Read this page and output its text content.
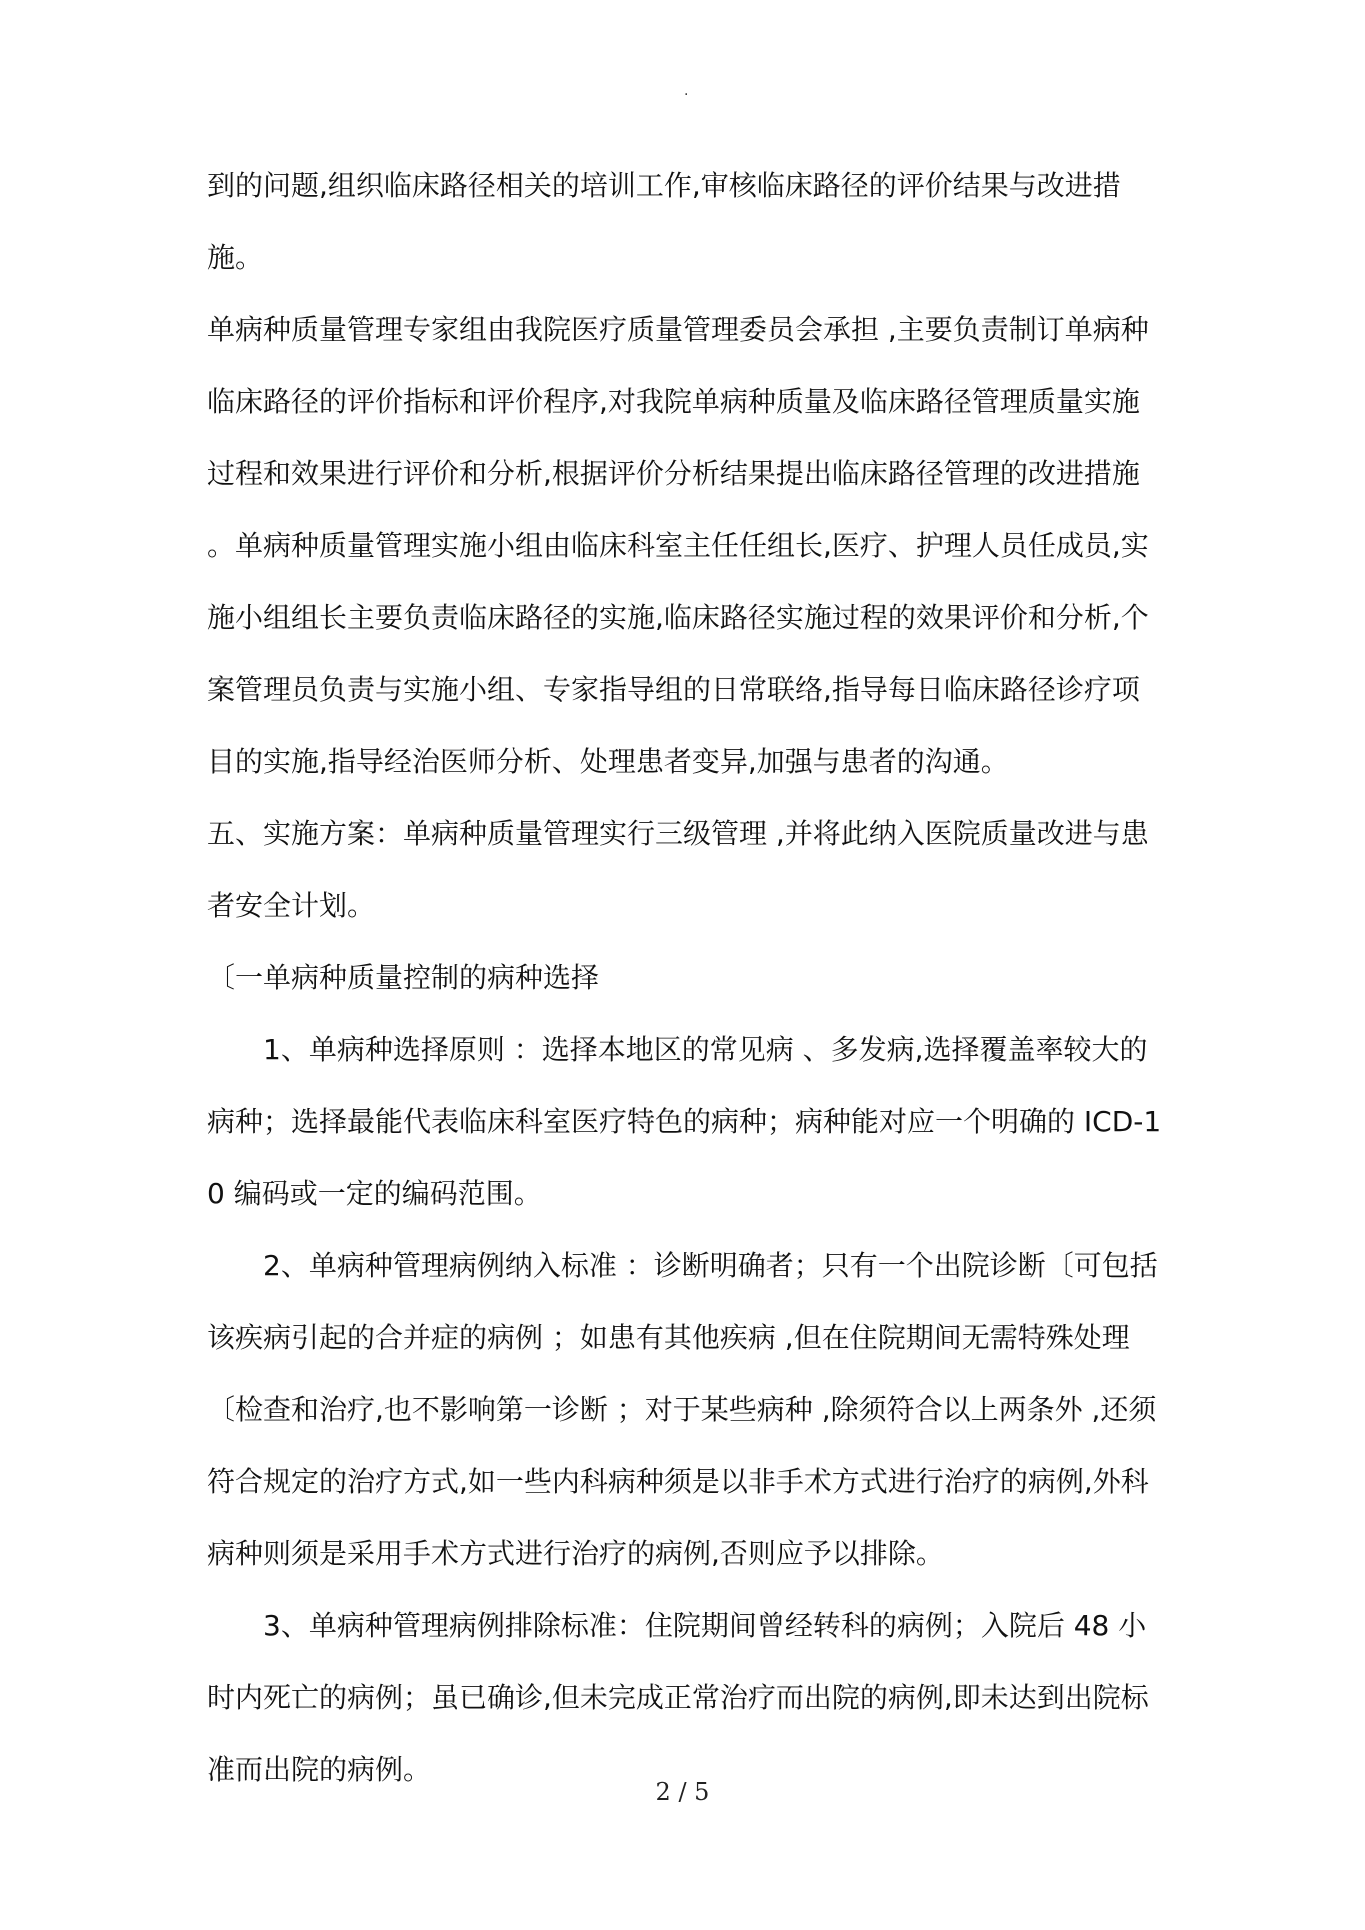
.

到的问题,组织临床路径相关的培训工作,审核临床路径的评价结果与改进措施。

单病种质量管理专家组由我院医疗质量管理委员会承担 ,主要负责制订单病种临床路径的评价指标和评价程序,对我院单病种质量及临床路径管理质量实施过程和效果进行评价和分析,根据评价分析结果提出临床路径管理的改进措施 。单病种质量管理实施小组由临床科室主任任组长,医疗、护理人员任成员,实施小组组长主要负责临床路径的实施,临床路径实施过程的效果评价和分析,个案管理员负责与实施小组、专家指导组的日常联络,指导每日临床路径诊疗项目的实施,指导经治医师分析、处理患者变异,加强与患者的沟通。

五、实施方案：单病种质量管理实行三级管理 ,并将此纳入医院质量改进与患者安全计划。

〔一单病种质量控制的病种选择

1、单病种选择原则 ：选择本地区的常见病 、多发病,选择覆盖率较大的病种；选择最能代表临床科室医疗特色的病种；病种能对应一个明确的 ICD-10 编码或一定的编码范围。

2、单病种管理病例纳入标准 ：诊断明确者；只有一个出院诊断〔可包括该疾病引起的合并症的病例 ；如患有其他疾病 ,但在住院期间无需特殊处理〔检查和治疗,也不影响第一诊断 ；对于某些病种 ,除须符合以上两条外 ,还须符合规定的治疗方式,如一些内科病种须是以非手术方式进行治疗的病例,外科病种则须是采用手术方式进行治疗的病例,否则应予以排除。

3、单病种管理病例排除标准：住院期间曾经转科的病例；入院后 48 小时内死亡的病例；虽已确诊,但未完成正常治疗而出院的病例,即未达到出院标准而出院的病例。

2 / 5
